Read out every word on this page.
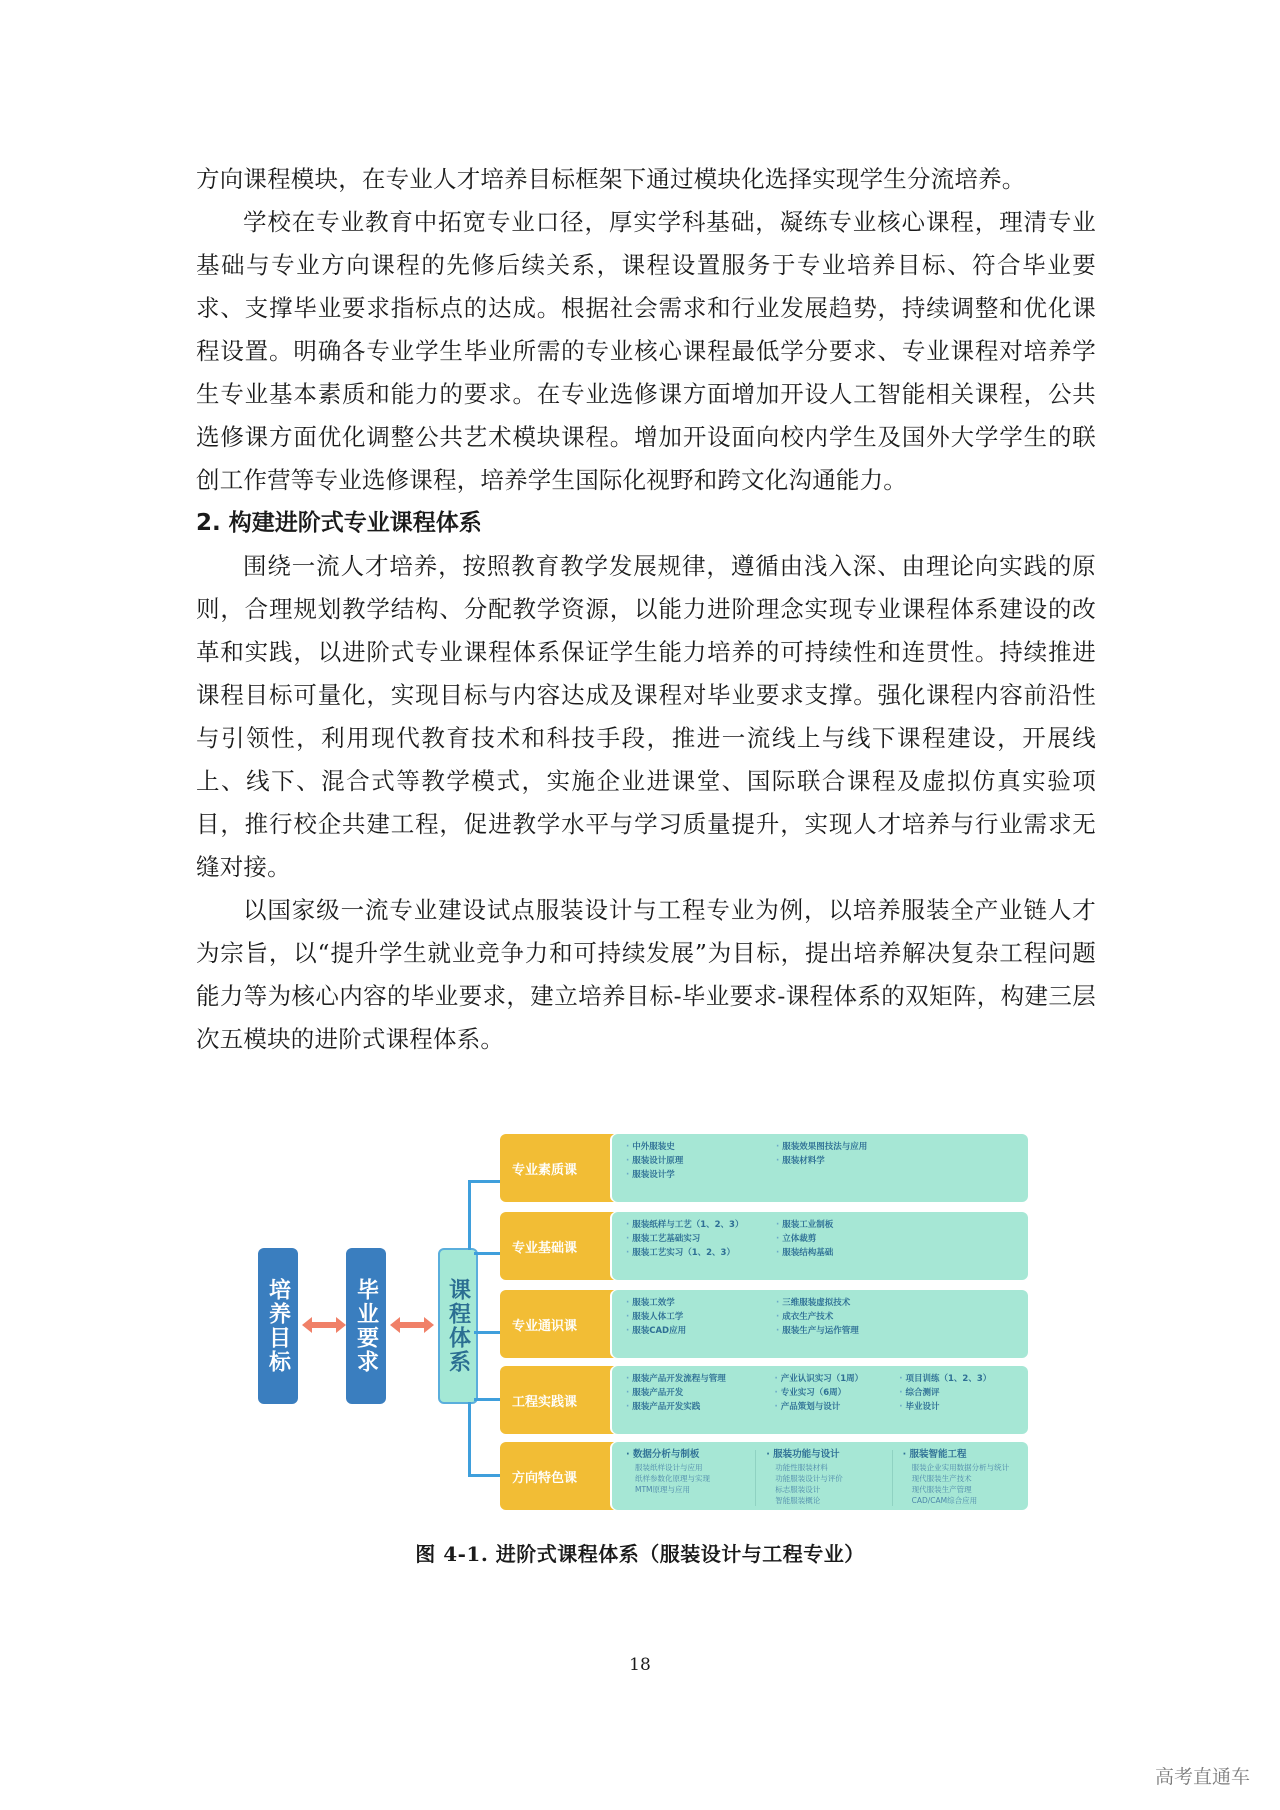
方向课程模块，在专业人才培养目标框架下通过模块化选择实现学生分流培养。

学校在专业教育中拓宽专业口径，厚实学科基础，凝练专业核心课程，理清专业基础与专业方向课程的先修后续关系，课程设置服务于专业培养目标、符合毕业要求、支撑毕业要求指标点的达成。根据社会需求和行业发展趋势，持续调整和优化课程设置。明确各专业学生毕业所需的专业核心课程最低学分要求、专业课程对培养学生专业基本素质和能力的要求。在专业选修课方面增加开设人工智能相关课程，公共选修课方面优化调整公共艺术模块课程。增加开设面向校内学生及国外大学学生的联创工作营等专业选修课程，培养学生国际化视野和跨文化沟通能力。

2. 构建进阶式专业课程体系

围绕一流人才培养，按照教育教学发展规律，遵循由浅入深、由理论向实践的原则，合理规划教学结构、分配教学资源，以能力进阶理念实现专业课程体系建设的改革和实践，以进阶式专业课程体系保证学生能力培养的可持续性和连贯性。持续推进课程目标可量化，实现目标与内容达成及课程对毕业要求支撑。强化课程内容前沿性与引领性，利用现代教育技术和科技手段，推进一流线上与线下课程建设，开展线上、线下、混合式等教学模式，实施企业进课堂、国际联合课程及虚拟仿真实验项目，推行校企共建工程，促进教学水平与学习质量提升，实现人才培养与行业需求无缝对接。

以国家级一流专业建设试点服装设计与工程专业为例，以培养服装全产业链人才为宗旨，以“提升学生就业竞争力和可持续发展”为目标，提出培养解决复杂工程问题能力等为核心内容的毕业要求，建立培养目标-毕业要求-课程体系的双矩阵，构建三层次五模块的进阶式课程体系。

培养目标	毕业要求	课程体系
专业素质课
· 中外服装史
· 服装设计原理
· 服装设计学
· 服装效果图技法与应用
· 服装材料学
专业基础课
· 服装纸样与工艺（1、2、3）
· 服装工艺基础实习
· 服装工艺实习（1、2、3）
· 服装工业制板
· 立体裁剪
· 服装结构基础
专业通识课
· 服装工效学
· 服装人体工学
· 服装CAD应用
· 三维服装虚拟技术
· 成衣生产技术
· 服装生产与运作管理
工程实践课
· 服装产品开发流程与管理
· 服装产品开发
· 服装产品开发实践
· 产业认识实习（1周）
· 专业实习（6周）
· 产品策划与设计
· 项目训练（1、2、3）
· 综合测评
· 毕业设计
方向特色课
· 数据分析与制板
服装纸样设计与应用
纸样参数化原理与实现
MTM原理与应用
· 服装功能与设计
功能性服装材料
功能服装设计与评价
标志服装设计
智能服装概论
· 服装智能工程
服装企业实用数据分析与统计
现代服装生产技术
现代服装生产管理
CAD/CAM综合应用
图 4-1. 进阶式课程体系（服装设计与工程专业）
18
高考直通车
